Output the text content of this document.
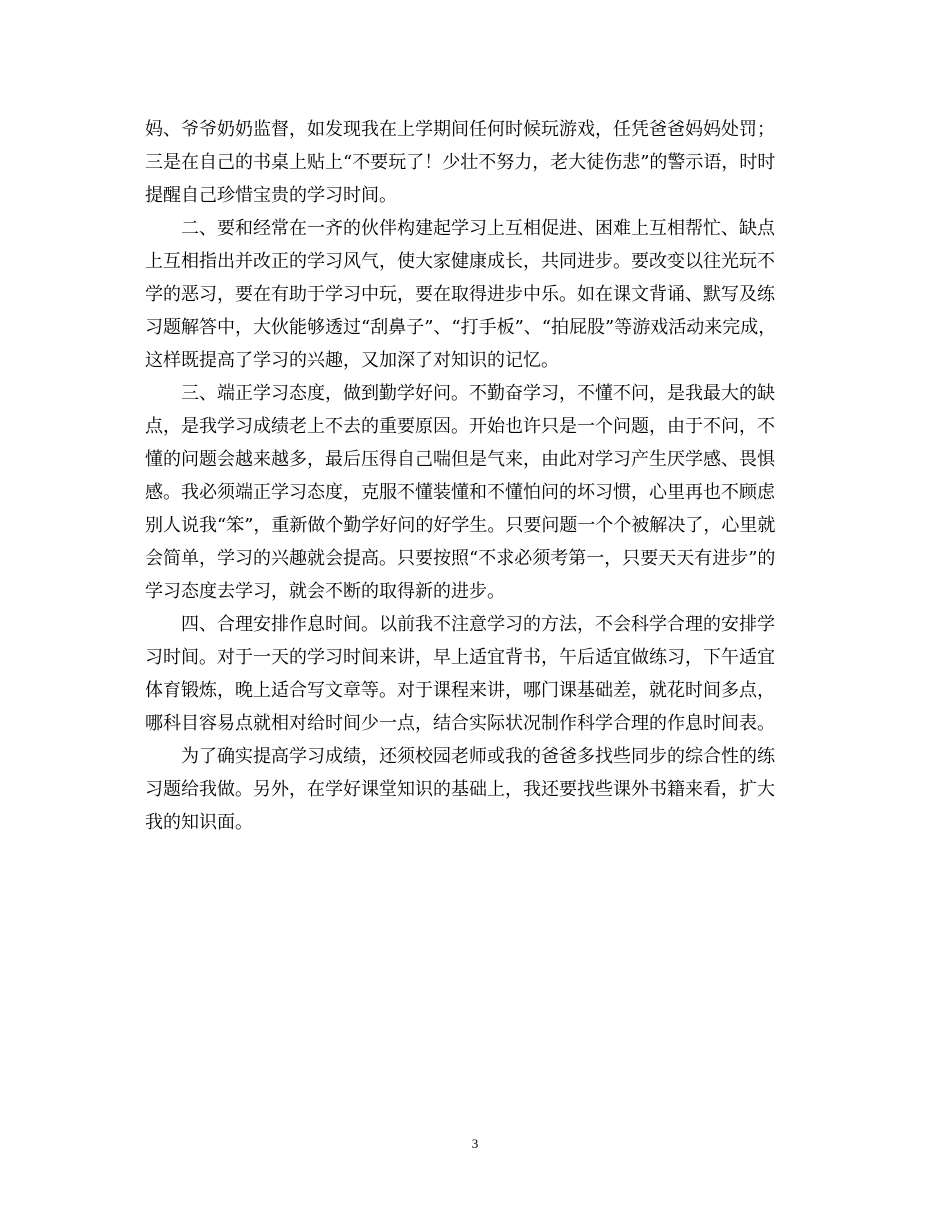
妈、爷爷奶奶监督，如发现我在上学期间任何时候玩游戏，任凭爸爸妈妈处罚；
三是在自己的书桌上贴上“不要玩了！少壮不努力，老大徒伤悲”的警示语，时时
提醒自己珍惜宝贵的学习时间。

二、要和经常在一齐的伙伴构建起学习上互相促进、困难上互相帮忙、缺点
上互相指出并改正的学习风气，使大家健康成长，共同进步。要改变以往光玩不
学的恶习，要在有助于学习中玩，要在取得进步中乐。如在课文背诵、默写及练
习题解答中，大伙能够透过“刮鼻子”、“打手板”、“拍屁股”等游戏活动来完成，
这样既提高了学习的兴趣，又加深了对知识的记忆。

三、端正学习态度，做到勤学好问。不勤奋学习，不懂不问，是我最大的缺
点，是我学习成绩老上不去的重要原因。开始也许只是一个问题，由于不问，不
懂的问题会越来越多，最后压得自己喘但是气来，由此对学习产生厌学感、畏惧
感。我必须端正学习态度，克服不懂装懂和不懂怕问的坏习惯，心里再也不顾虑
别人说我“笨”，重新做个勤学好问的好学生。只要问题一个个被解决了，心里就
会简单，学习的兴趣就会提高。只要按照“不求必须考第一，只要天天有进步”的
学习态度去学习，就会不断的取得新的进步。

四、合理安排作息时间。以前我不注意学习的方法，不会科学合理的安排学
习时间。对于一天的学习时间来讲，早上适宜背书，午后适宜做练习，下午适宜
体育锻炼，晚上适合写文章等。对于课程来讲，哪门课基础差，就花时间多点，
哪科目容易点就相对给时间少一点，结合实际状况制作科学合理的作息时间表。

为了确实提高学习成绩，还须校园老师或我的爸爸多找些同步的综合性的练
习题给我做。另外，在学好课堂知识的基础上，我还要找些课外书籍来看，扩大
我的知识面。

3
